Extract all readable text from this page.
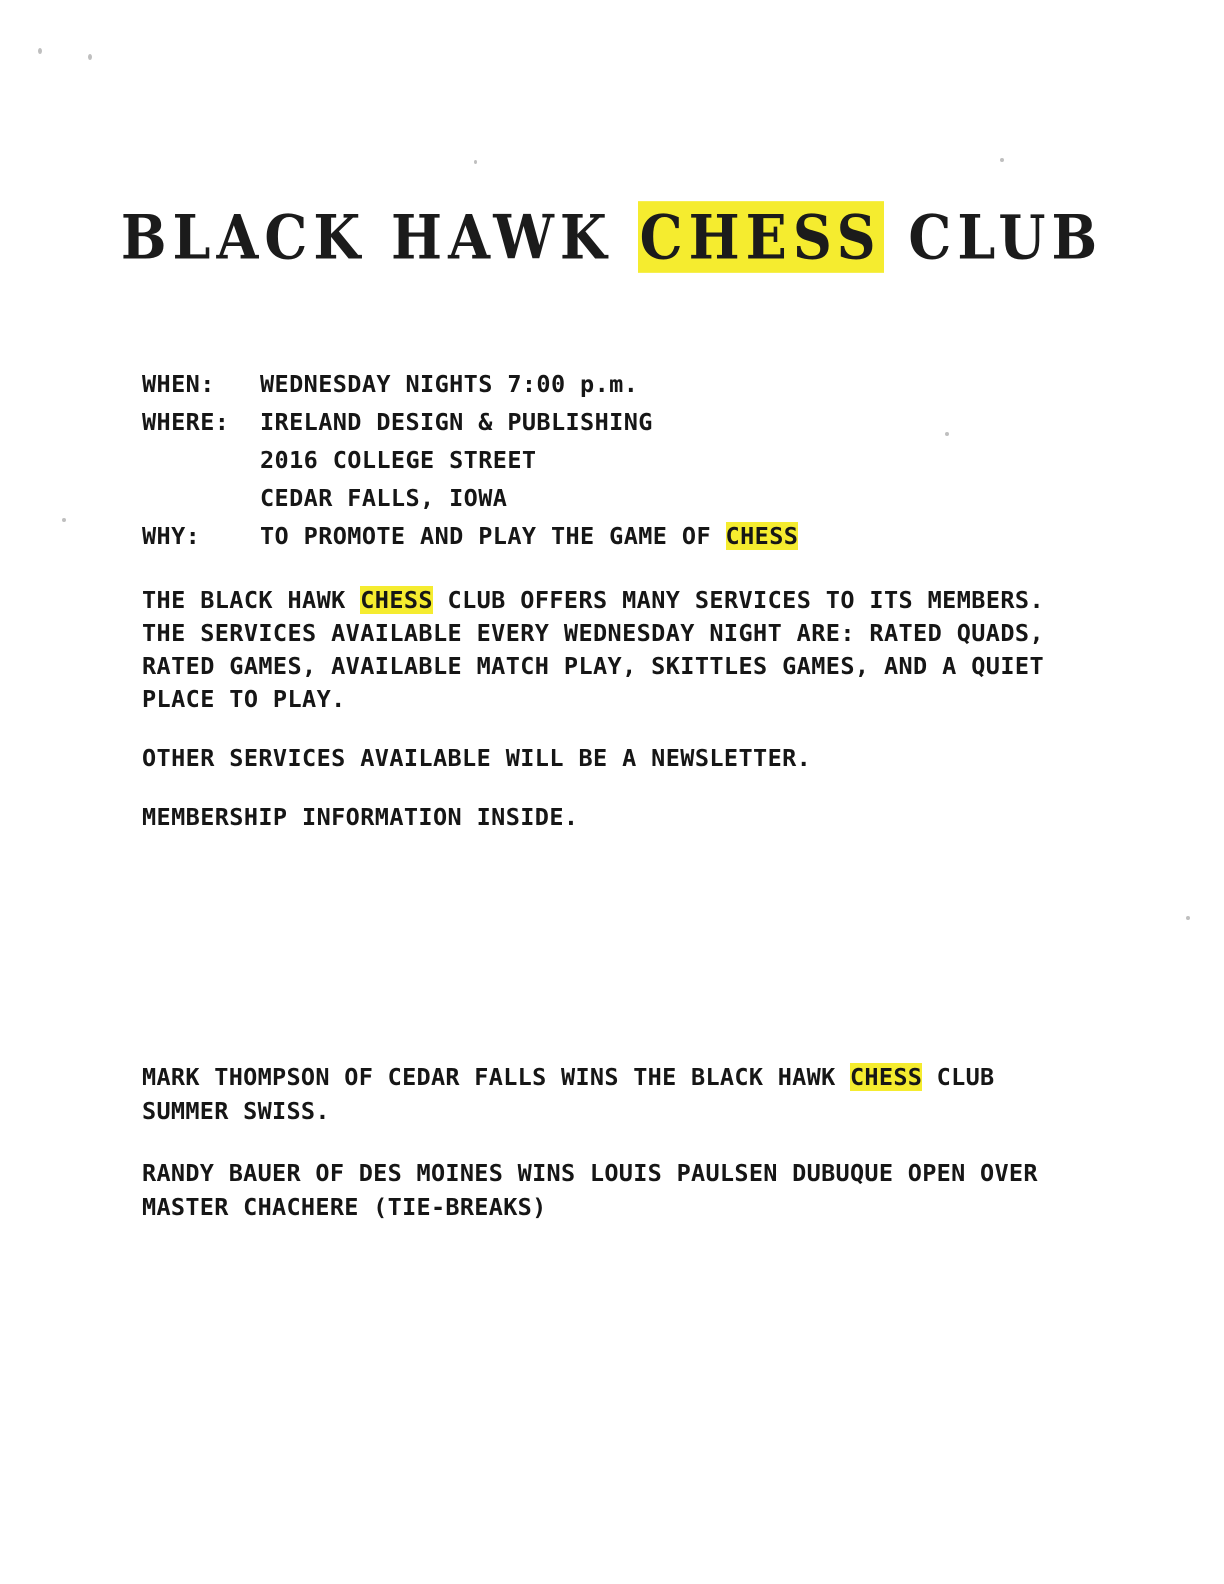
BLACK HAWK CHESS CLUB
WHEN:	WEDNESDAY NIGHTS 7:00 p.m.
WHERE:	IRELAND DESIGN & PUBLISHING
	2016 COLLEGE STREET
	CEDAR FALLS, IOWA
WHY:	TO PROMOTE AND PLAY THE GAME OF CHESS
THE BLACK HAWK CHESS CLUB OFFERS MANY SERVICES TO ITS MEMBERS.
THE SERVICES AVAILABLE EVERY WEDNESDAY NIGHT ARE: RATED QUADS,
RATED GAMES, AVAILABLE MATCH PLAY, SKITTLES GAMES, AND A QUIET
PLACE TO PLAY.
OTHER SERVICES AVAILABLE WILL BE A NEWSLETTER.
MEMBERSHIP INFORMATION INSIDE.
MARK THOMPSON OF CEDAR FALLS WINS THE BLACK HAWK CHESS CLUB
SUMMER SWISS.
RANDY BAUER OF DES MOINES WINS LOUIS PAULSEN DUBUQUE OPEN OVER
MASTER CHACHERE (TIE-BREAKS)
